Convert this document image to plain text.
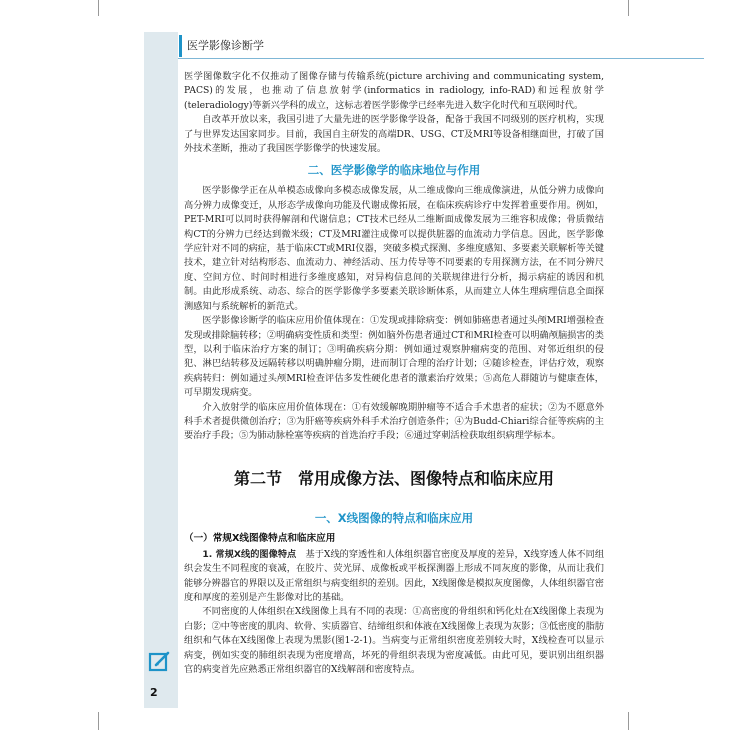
医学影像诊断学

医学图像数字化不仅推动了图像存储与传输系统(picture archiving and communicating system, PACS)的发展，也推动了信息放射学(informatics in radiology, info-RAD)和远程放射学(teleradiology)等新兴学科的成立，这标志着医学影像学已经率先进入数字化时代和互联网时代。

自改革开放以来，我国引进了大量先进的医学影像学设备，配备于我国不同级别的医疗机构，实现了与世界发达国家同步。目前，我国自主研发的高端DR、USG、CT及MRI等设备相继面世，打破了国外技术垄断，推动了我国医学影像学的快速发展。

二、医学影像学的临床地位与作用

医学影像学正在从单模态成像向多模态成像发展，从二维成像向三维成像演进，从低分辨力成像向高分辨力成像变迁，从形态学成像向功能及代谢成像拓展，在临床疾病诊疗中发挥着重要作用。例如，PET-MRI可以同时获得解剖和代谢信息；CT技术已经从二维断面成像发展为三维容积成像；骨质微结构CT的分辨力已经达到微米级；CT及MRI灌注成像可以提供脏器的血流动力学信息。因此，医学影像学应针对不同的病症，基于临床CT或MRI仪器，突破多模式探测、多维度感知、多要素关联解析等关键技术，建立针对结构形态、血流动力、神经活动、压力传导等不同要素的专用探测方法，在不同分辨尺度、空间方位、时间时相进行多维度感知，对异构信息间的关联规律进行分析，揭示病症的诱因和机制。由此形成系统、动态、综合的医学影像学多要素关联诊断体系，从而建立人体生理病理信息全面探测感知与系统解析的新范式。

医学影像诊断学的临床应用价值体现在：①发现或排除病变：例如肺癌患者通过头颅MRI增强检查发现或排除脑转移；②明确病变性质和类型：例如脑外伤患者通过CT和MRI检查可以明确颅脑损害的类型，以利于临床治疗方案的制订；③明确疾病分期：例如通过观察肿瘤病变的范围、对邻近组织的侵犯、淋巴结转移及远隔转移以明确肿瘤分期，进而制订合理的治疗计划；④随诊检查，评估疗效，观察疾病转归：例如通过头颅MRI检查评估多发性硬化患者的激素治疗效果；⑤高危人群随访与健康查体，可早期发现病变。

介入放射学的临床应用价值体现在：①有效缓解晚期肿瘤等不适合手术患者的症状；②为不愿意外科手术者提供微创治疗；③为肝癌等疾病外科手术治疗创造条件；④为Budd-Chiari综合征等疾病的主要治疗手段；⑤为肺动脉栓塞等疾病的首选治疗手段；⑥通过穿刺活检获取组织病理学标本。

第二节　常用成像方法、图像特点和临床应用
一、X线图像的特点和临床应用
（一）常规X线图像特点和临床应用

1. 常规X线的图像特点　 基于X线的穿透性和人体组织器官密度及厚度的差异，X线穿透人体不同组织会发生不同程度的衰减，在胶片、荧光屏、成像板或平板探测器上形成不同灰度的影像，从而让我们能够分辨器官的界限以及正常组织与病变组织的差别。因此，X线图像是模拟灰度图像，人体组织器官密度和厚度的差别是产生影像对比的基础。

不同密度的人体组织在X线图像上具有不同的表现：①高密度的骨组织和钙化灶在X线图像上表现为白影；②中等密度的肌肉、软骨、实质器官、结缔组织和体液在X线图像上表现为灰影；③低密度的脂肪组织和气体在X线图像上表现为黑影(图1-2-1)。当病变与正常组织密度差别较大时，X线检查可以显示病变，例如实变的肺组织表现为密度增高，坏死的骨组织表现为密度减低。由此可见，要识别出组织器官的病变首先应熟悉正常组织器官的X线解剖和密度特点。

2
